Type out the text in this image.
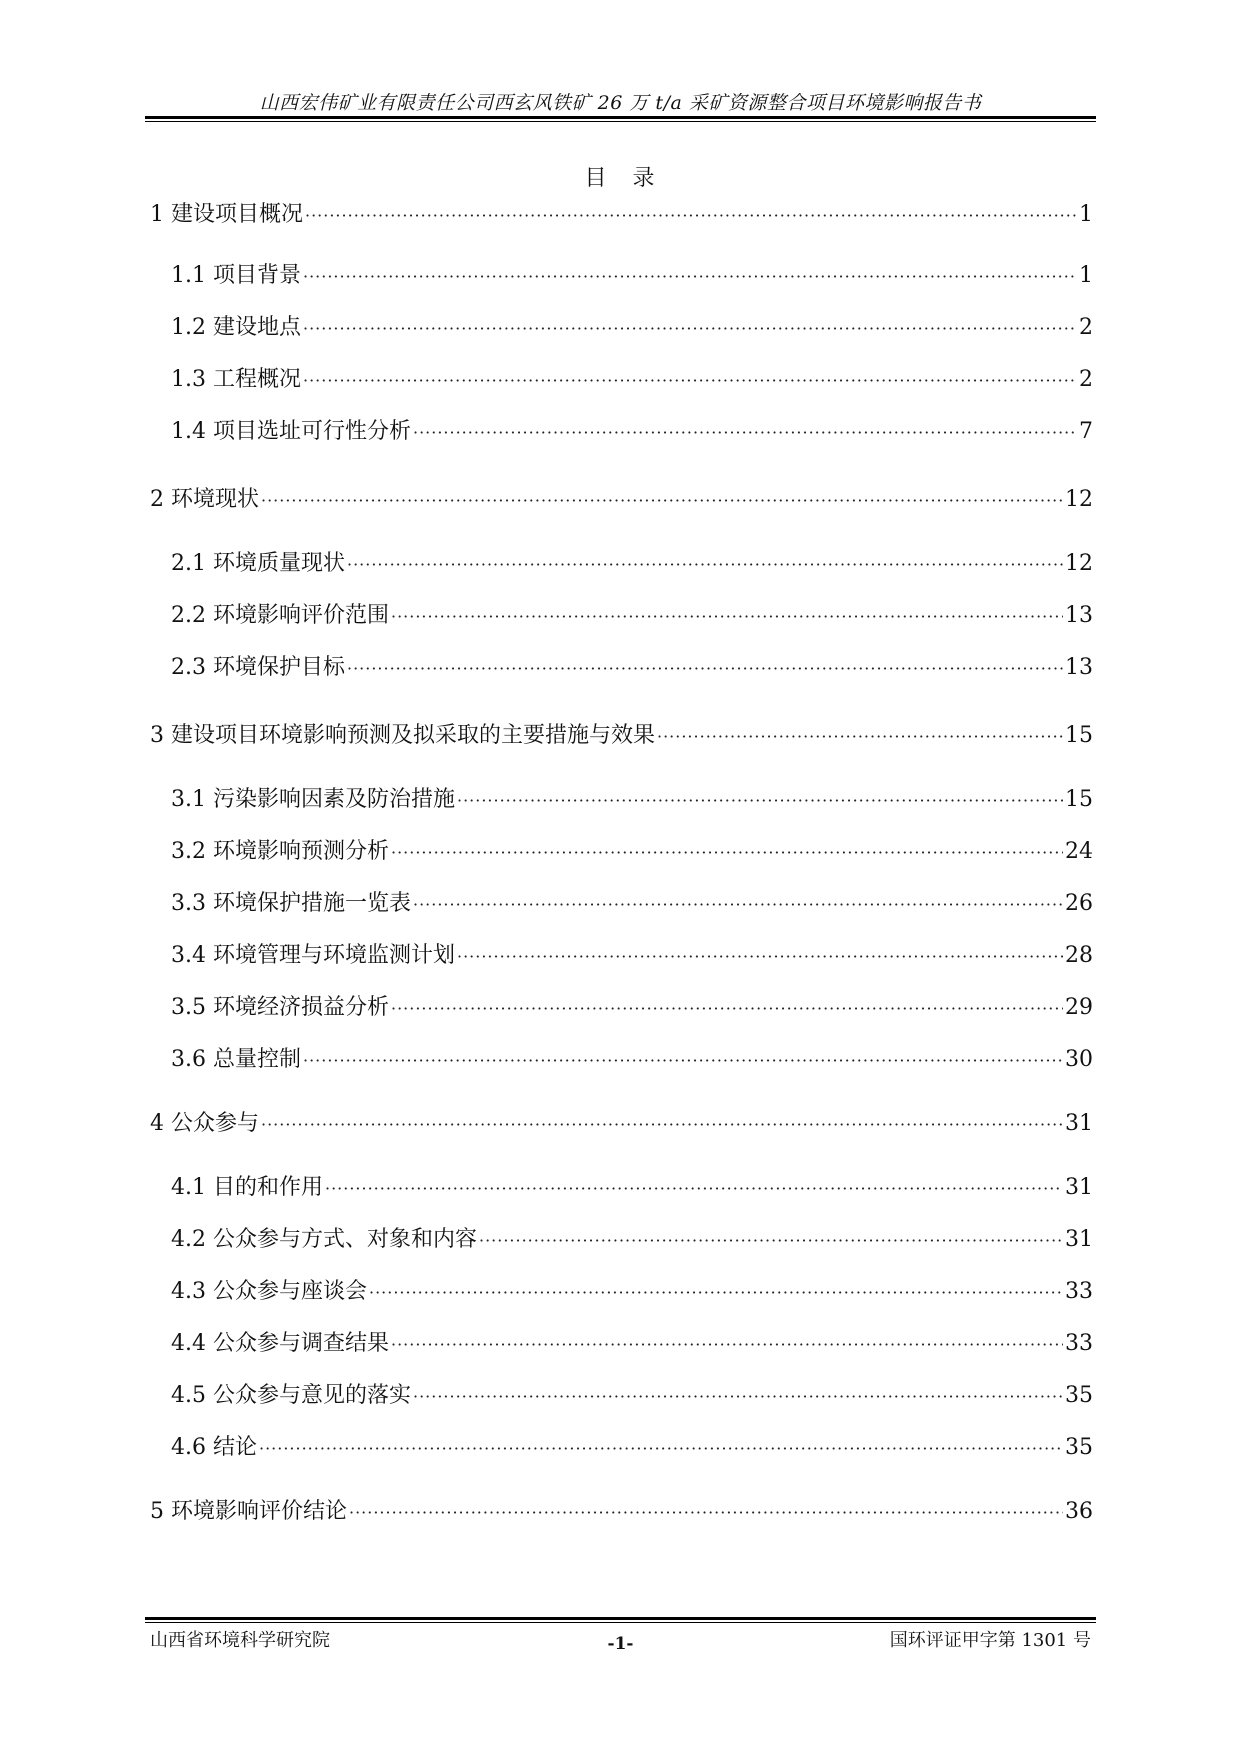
山西宏伟矿业有限责任公司西玄风铁矿 26 万 t/a 采矿资源整合项目环境影响报告书
目　录
1 建设项目概况 ·····	1
1.1 项目背景 ·····	1
1.2 建设地点 ·····	2
1.3 工程概况 ·····	2
1.4 项目选址可行性分析 ·····	7
2 环境现状 ·····	12
2.1 环境质量现状 ·····	12
2.2 环境影响评价范围 ·····	13
2.3 环境保护目标 ·····	13
3 建设项目环境影响预测及拟采取的主要措施与效果 ·····	15
3.1 污染影响因素及防治措施 ·····	15
3.2 环境影响预测分析 ·····	24
3.3 环境保护措施一览表 ·····	26
3.4 环境管理与环境监测计划 ·····	28
3.5 环境经济损益分析 ·····	29
3.6 总量控制 ·····	30
4 公众参与 ·····	31
4.1 目的和作用 ·····	31
4.2 公众参与方式、对象和内容 ·····	31
4.3 公众参与座谈会 ·····	33
4.4 公众参与调查结果 ·····	33
4.5 公众参与意见的落实 ·····	35
4.6 结论 ·····	35
5 环境影响评价结论 ·····	36
山西省环境科学研究院	-1-	国环评证甲字第 1301 号
